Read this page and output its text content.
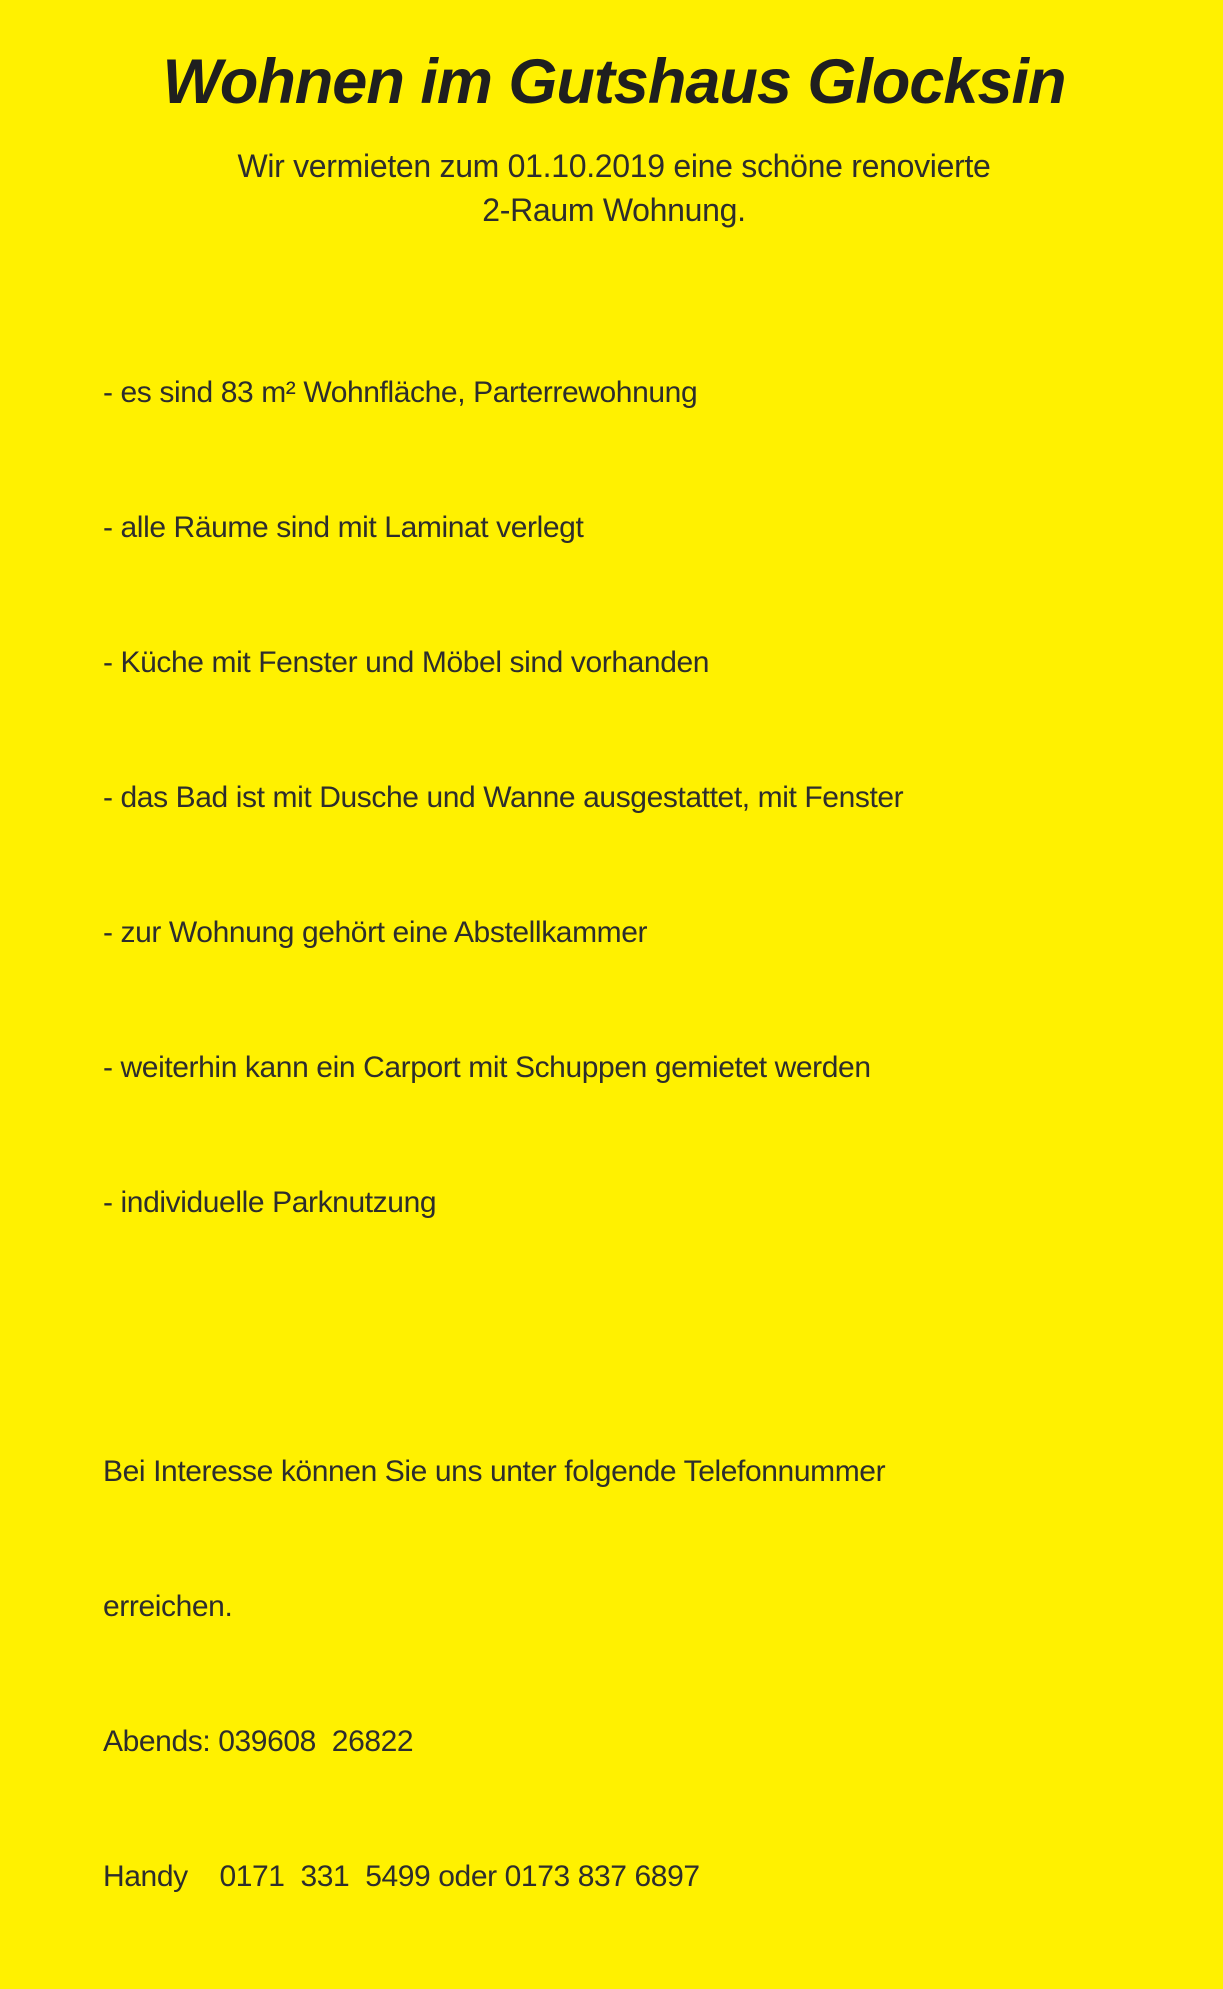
Wohnen im Gutshaus Glocksin

Wir vermieten zum 01.10.2019 eine schöne renovierte
2-Raum Wohnung.

- es sind 83 m² Wohnfläche, Parterrewohnung

- alle Räume sind mit Laminat verlegt

- Küche mit Fenster und Möbel sind vorhanden

- das Bad ist mit Dusche und Wanne ausgestattet, mit Fenster

- zur Wohnung gehört eine Abstellkammer

- weiterhin kann ein Carport mit Schuppen gemietet werden

- individuelle Parknutzung

Bei Interesse können Sie uns unter folgende Telefonnummer

erreichen.

Abends: 039608  26822

Handy    0171  331  5499 oder 0173 837 6897
